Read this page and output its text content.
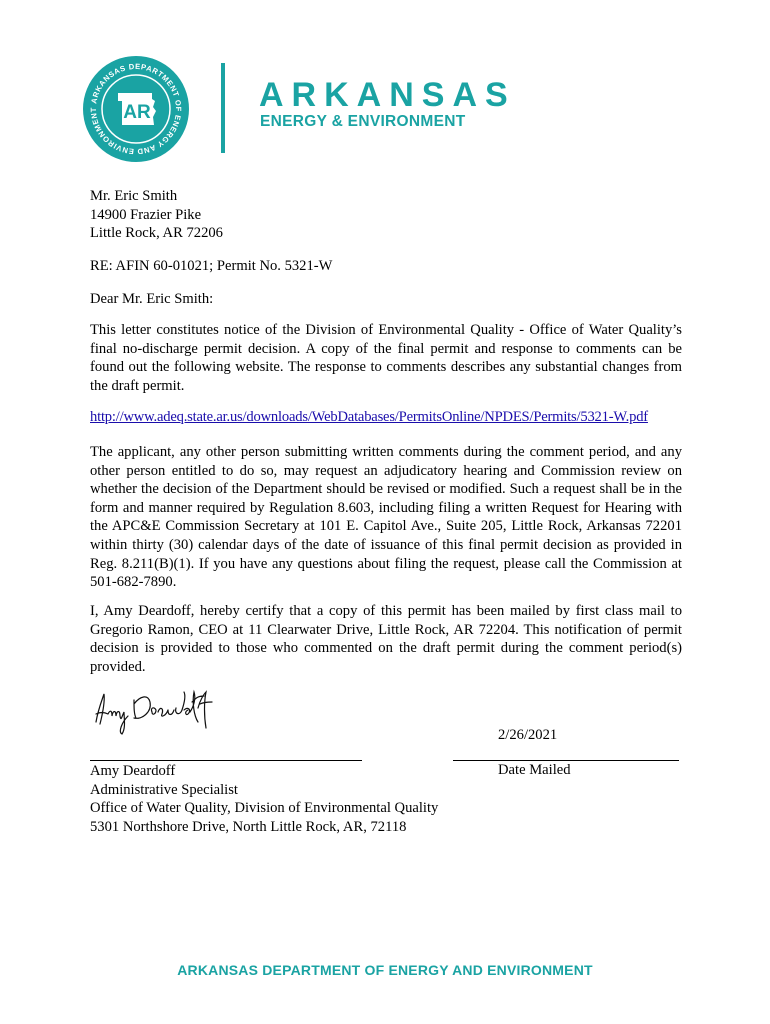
ARKANSAS DEPARTMENT OF ENERGY AND ENVIRONMENT	AR	ARKANSAS
ENERGY & ENVIRONMENT
Mr. Eric Smith
14900 Frazier Pike
Little Rock, AR 72206
RE: AFIN 60-01021; Permit No. 5321-W
Dear Mr. Eric Smith:
This letter constitutes notice of the Division of Environmental Quality - Office of Water Quality’s final no-discharge permit decision. A copy of the final permit and response to comments can be found out the following website. The response to comments describes any substantial changes from the draft permit.
http://www.adeq.state.ar.us/downloads/WebDatabases/PermitsOnline/NPDES/Permits/5321-W.pdf
The applicant, any other person submitting written comments during the comment period, and any other person entitled to do so, may request an adjudicatory hearing and Commission review on whether the decision of the Department should be revised or modified. Such a request shall be in the form and manner required by Regulation 8.603, including filing a written Request for Hearing with the APC&E Commission Secretary at 101 E. Capitol Ave., Suite 205, Little Rock, Arkansas 72201 within thirty (30) calendar days of the date of issuance of this final permit decision as provided in Reg. 8.211(B)(1). If you have any questions about filing the request, please call the Commission at 501-682-7890.
I, Amy Deardoff, hereby certify that a copy of this permit has been mailed by first class mail to Gregorio Ramon, CEO at 11 Clearwater Drive, Little Rock, AR 72204. This notification of permit decision is provided to those who commented on the draft permit during the comment period(s) provided.
2/26/2021
Date Mailed
Amy Deardoff
Administrative Specialist
Office of Water Quality, Division of Environmental Quality
5301 Northshore Drive, North Little Rock, AR, 72118
ARKANSAS DEPARTMENT OF ENERGY AND ENVIRONMENT
